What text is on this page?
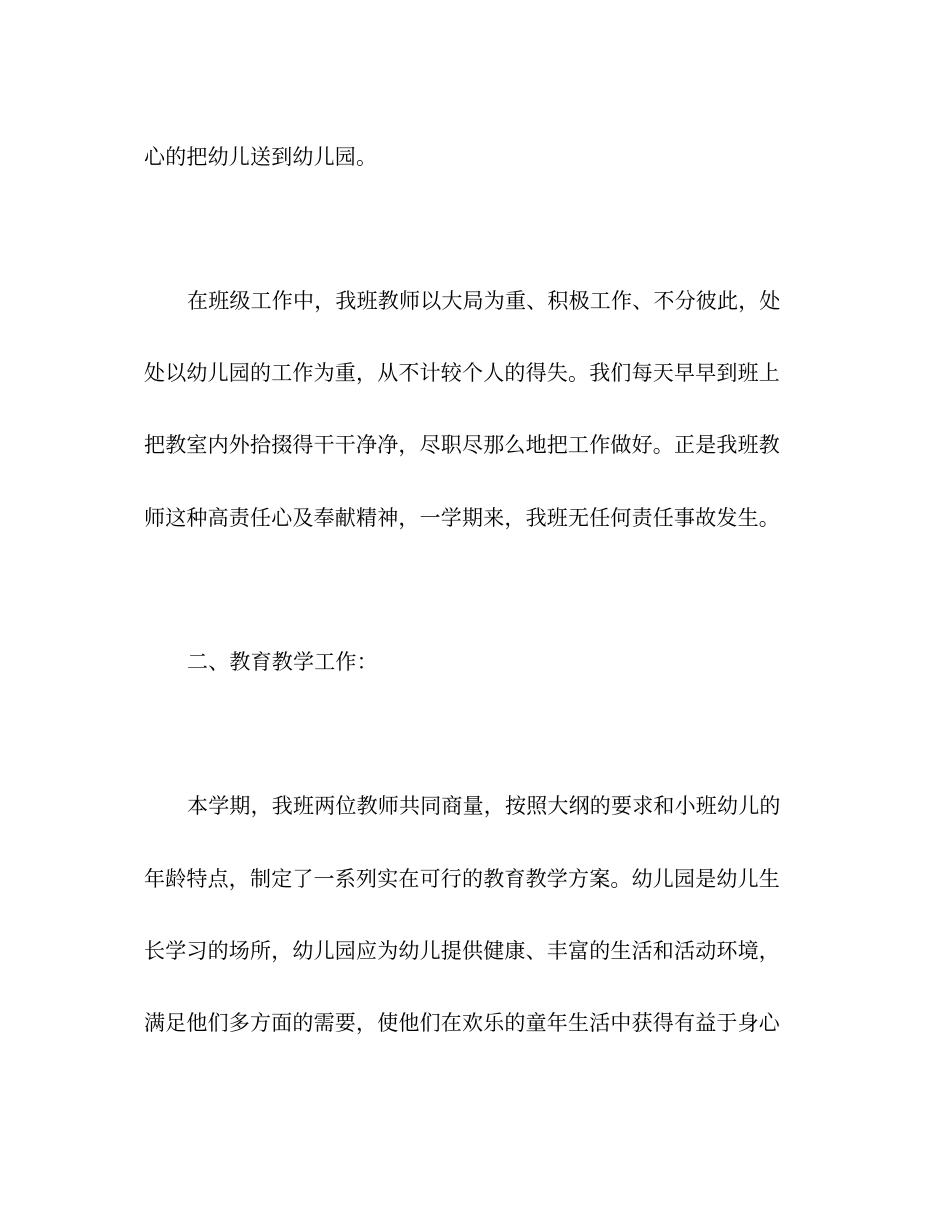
心的把幼儿送到幼儿园。
在班级工作中，我班教师以大局为重、积极工作、不分彼此，处
处以幼儿园的工作为重，从不计较个人的得失。我们每天早早到班上
把教室内外拾掇得干干净净，尽职尽那么地把工作做好。正是我班教
师这种高责任心及奉献精神，一学期来，我班无任何责任事故发生。
二、教育教学工作：
本学期，我班两位教师共同商量，按照大纲的要求和小班幼儿的
年龄特点，制定了一系列实在可行的教育教学方案。幼儿园是幼儿生
长学习的场所，幼儿园应为幼儿提供健康、丰富的生活和活动环境，
满足他们多方面的需要，使他们在欢乐的童年生活中获得有益于身心
